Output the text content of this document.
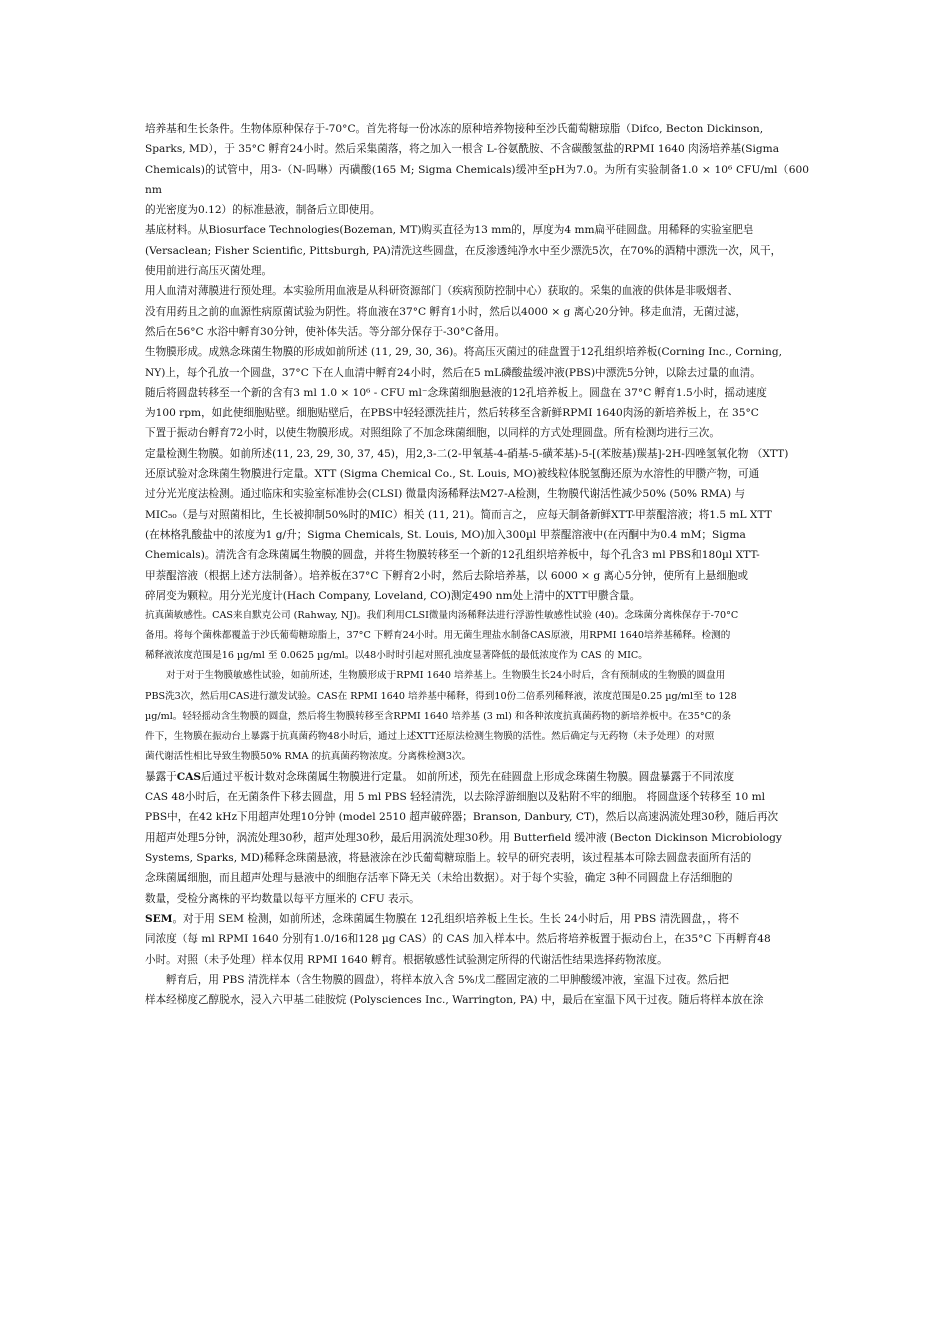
培养基和生长条件。生物体原种保存于-70°C。首先将每一份冰冻的原种培养物接种至沙氏葡萄糖琼脂（Difco, Becton Dickinson,
Sparks, MD），于 35°C 孵育24小时。然后采集菌落，将之加入一根含 L-谷氨酰胺、不含碳酸氢盐的RPMI 1640 肉汤培养基(Sigma
Chemicals)的试管中，用3-（N-吗啉）丙磺酸(165 M; Sigma Chemicals)缓冲至pH为7.0。为所有实验制备1.0 × 10⁶ CFU/ml（600 nm
的光密度为0.12）的标准悬液，制备后立即使用。
基底材料。从Biosurface Technologies(Bozeman, MT)购买直径为13 mm的，厚度为4 mm扁平硅圆盘。用稀释的实验室肥皂
(Versaclean; Fisher Scientific, Pittsburgh, PA)清洗这些圆盘，在反渗透纯净水中至少漂洗5次，在70%的酒精中漂洗一次，风干，
使用前进行高压灭菌处理。
用人血清对薄膜进行预处理。本实验所用血液是从科研资源部门（疾病预防控制中心）获取的。采集的血液的供体是非吸烟者、
没有用药且之前的血源性病原菌试验为阴性。将血液在37°C 孵育1小时，然后以4000 × g 离心20分钟。移走血清，无菌过滤，
然后在56°C 水浴中孵育30分钟，使补体失活。等分部分保存于-30°C备用。
生物膜形成。成熟念珠菌生物膜的形成如前所述 (11, 29, 30, 36)。将高压灭菌过的硅盘置于12孔组织培养板(Corning Inc., Corning,
NY)上，每个孔放一个圆盘，37°C 下在人血清中孵育24小时，然后在5 mL磷酸盐缓冲液(PBS)中漂洗5分钟，以除去过量的血清。
随后将圆盘转移至一个新的含有3 ml 1.0 × 10⁶ - CFU ml⁻念珠菌细胞悬液的12孔培养板上。圆盘在 37°C 孵育1.5小时，摇动速度
为100 rpm，如此使细胞贴壁。细胞贴壁后，在PBS中轻轻漂洗挂片，然后转移至含新鲜RPMI 1640肉汤的新培养板上，在 35°C
下置于振动台孵育72小时，以使生物膜形成。对照组除了不加念珠菌细胞，以同样的方式处理圆盘。所有检测均进行三次。
定量检测生物膜。如前所述(11, 23, 29, 30, 37, 45)，用2,3-二(2-甲氧基-4-硝基-5-磺苯基)-5-[(苯胺基)羰基]-2H-四唑氢氧化物 （XTT)
还原试验对念珠菌生物膜进行定量。XTT (Sigma Chemical Co., St. Louis, MO)被线粒体脱氢酶还原为水溶性的甲臜产物，可通
过分光光度法检测。通过临床和实验室标准协会(CLSI) 微量肉汤稀释法M27-A检测，生物膜代谢活性减少50% (50% RMA) 与
MIC₅₀（是与对照菌相比，生长被抑制50%时的MIC）相关 (11, 21)。简而言之， 应每天制备新鲜XTT-甲萘醌溶液；将1.5 mL XTT
(在林格乳酸盐中的浓度为1 g/升；Sigma Chemicals, St. Louis, MO)加入300µl 甲萘醌溶液中(在丙酮中为0.4 mM；Sigma
Chemicals)。清洗含有念珠菌属生物膜的圆盘，并将生物膜转移至一个新的12孔组织培养板中，每个孔含3 ml PBS和180µl XTT-
甲萘醌溶液（根据上述方法制备）。培养板在37°C 下孵育2小时，然后去除培养基，以 6000 × g 离心5分钟，使所有上悬细胞或
碎屑变为颗粒。用分光光度计(Hach Company, Loveland, CO)测定490 nm处上清中的XTT甲臜含量。
抗真菌敏感性。CAS来自默克公司 (Rahway, NJ)。我们利用CLSI微量肉汤稀释法进行浮游性敏感性试验 (40)。念珠菌分离株保存于-70°C
备用。将每个菌株都覆盖于沙氏葡萄糖琼脂上，37°C 下孵育24小时。用无菌生理盐水制备CAS原液，用RPMI 1640培养基稀释。检测的
稀释液浓度范围是16 µg/ml 至 0.0625 µg/ml。以48小时时引起对照孔浊度显著降低的最低浓度作为 CAS 的 MIC。
对于对于生物膜敏感性试验，如前所述，生物膜形成于RPMI 1640 培养基上。生物膜生长24小时后，含有预制成的生物膜的圆盘用
PBS洗3次，然后用CAS进行激发试验。CAS在 RPMI 1640 培养基中稀释，得到10份二倍系列稀释液，浓度范围是0.25 µg/ml至 to 128
µg/ml。轻轻摇动含生物膜的圆盘，然后将生物膜转移至含RPMI 1640 培养基 (3 ml) 和各种浓度抗真菌药物的新培养板中。在35°C的条
件下，生物膜在振动台上暴露于抗真菌药物48小时后，通过上述XTT还原法检测生物膜的活性。然后确定与无药物（未予处理）的对照
菌代谢活性相比导致生物膜50% RMA 的抗真菌药物浓度。分离株检测3次。
暴露于CAS后通过平板计数对念珠菌属生物膜进行定量。 如前所述，预先在硅圆盘上形成念珠菌生物膜。圆盘暴露于不同浓度
CAS 48小时后，在无菌条件下移去圆盘，用 5 ml PBS 轻轻清洗，以去除浮游细胞以及粘附不牢的细胞。 将圆盘逐个转移至 10 ml
PBS中，在42 kHz下用超声处理10分钟 (model 2510 超声破碎器；Branson, Danbury, CT)，然后以高速涡流处理30秒，随后再次
用超声处理5分钟，涡流处理30秒，超声处理30秒，最后用涡流处理30秒。用 Butterfield 缓冲液 (Becton Dickinson Microbiology
Systems, Sparks, MD)稀释念珠菌悬液，将悬液涂在沙氏葡萄糖琼脂上。较早的研究表明，该过程基本可除去圆盘表面所有活的
念珠菌属细胞，而且超声处理与悬液中的细胞存活率下降无关（未给出数据）。对于每个实验，确定 3种不同圆盘上存活细胞的
数量，受检分离株的平均数量以每平方厘米的 CFU 表示。
SEM。对于用 SEM 检测，如前所述，念珠菌属生物膜在 12孔组织培养板上生长。生长 24小时后，用 PBS 清洗圆盘，，将不
同浓度（每 ml RPMI 1640 分别有1.0/16和128 µg CAS）的 CAS 加入样本中。然后将培养板置于振动台上，在35°C 下再孵育48
小时。对照（未予处理）样本仅用 RPMI 1640 孵育。根据敏感性试验测定所得的代谢活性结果选择药物浓度。
孵育后，用 PBS 清洗样本（含生物膜的圆盘），将样本放入含 5%戊二醛固定液的二甲胂酸缓冲液，室温下过夜。然后把
样本经梯度乙醇脱水，浸入六甲基二硅胺烷 (Polysciences Inc., Warrington, PA) 中，最后在室温下风干过夜。随后将样本放在涂
